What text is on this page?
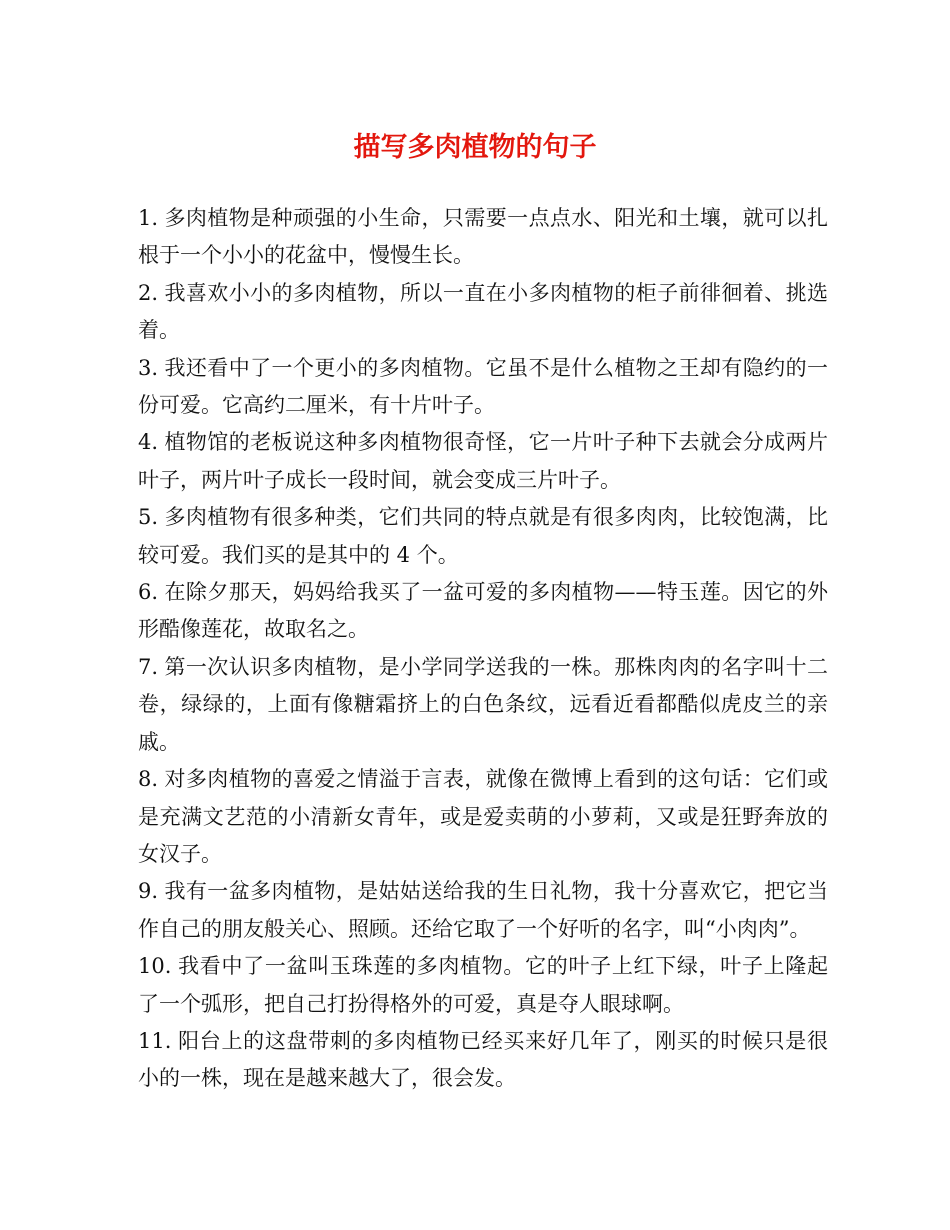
描写多肉植物的句子

1. 多肉植物是种顽强的小生命，只需要一点点水、阳光和土壤，就可以扎根于一个小小的花盆中，慢慢生长。

2. 我喜欢小小的多肉植物，所以一直在小多肉植物的柜子前徘徊着、挑选着。

3. 我还看中了一个更小的多肉植物。它虽不是什么植物之王却有隐约的一份可爱。它高约二厘米，有十片叶子。

4. 植物馆的老板说这种多肉植物很奇怪，它一片叶子种下去就会分成两片叶子，两片叶子成长一段时间，就会变成三片叶子。

5. 多肉植物有很多种类，它们共同的特点就是有很多肉肉，比较饱满，比较可爱。我们买的是其中的 4 个。

6. 在除夕那天，妈妈给我买了一盆可爱的多肉植物——特玉莲。因它的外形酷像莲花，故取名之。

7. 第一次认识多肉植物，是小学同学送我的一株。那株肉肉的名字叫十二卷，绿绿的，上面有像糖霜挤上的白色条纹，远看近看都酷似虎皮兰的亲戚。

8. 对多肉植物的喜爱之情溢于言表，就像在微博上看到的这句话：它们或是充满文艺范的小清新女青年，或是爱卖萌的小萝莉，又或是狂野奔放的女汉子。

9. 我有一盆多肉植物，是姑姑送给我的生日礼物，我十分喜欢它，把它当作自己的朋友般关心、照顾。还给它取了一个好听的名字，叫“小肉肉”。

10. 我看中了一盆叫玉珠莲的多肉植物。它的叶子上红下绿，叶子上隆起了一个弧形，把自己打扮得格外的可爱，真是夺人眼球啊。

11. 阳台上的这盘带刺的多肉植物已经买来好几年了，刚买的时候只是很小的一株，现在是越来越大了，很会发。
